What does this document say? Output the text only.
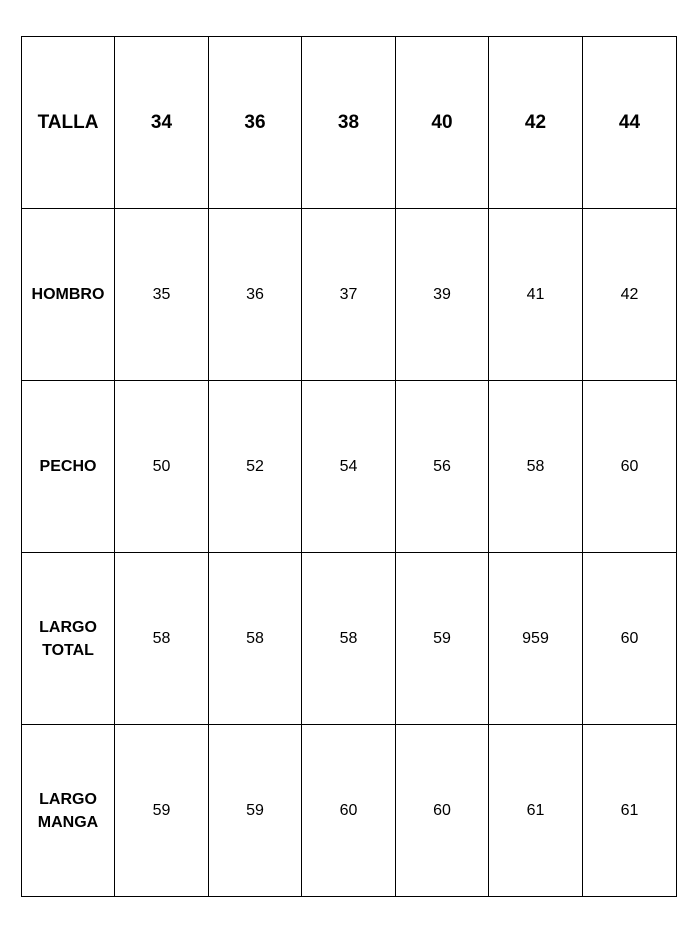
TALLA	34	36	38	40	42	44

HOMBRO	35	36	37	39	41	42

PECHO	50	52	54	56	58	60

LARGO
TOTAL	58	58	58	59	959	60

LARGO
MANGA	59	59	60	60	61	61
